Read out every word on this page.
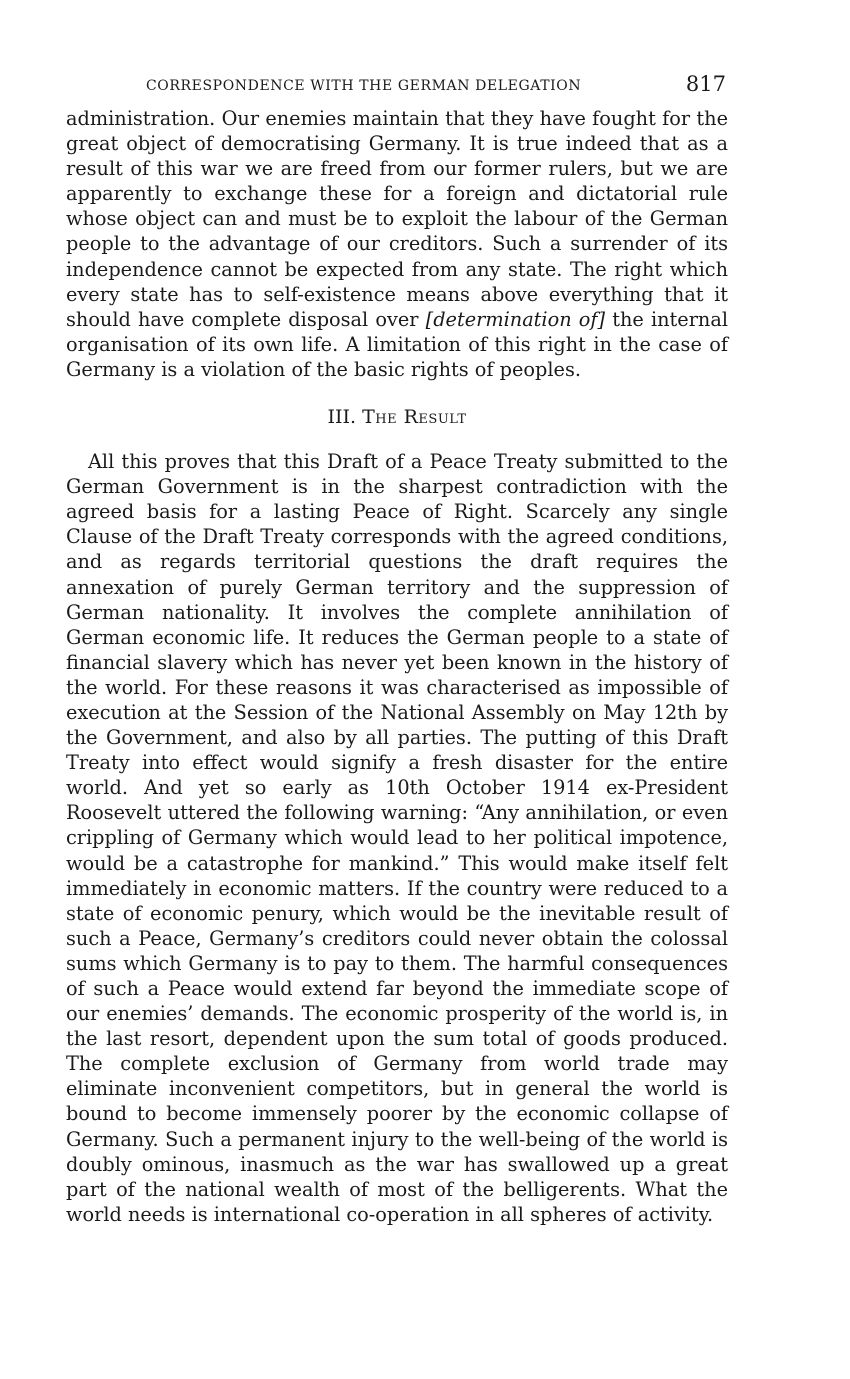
CORRESPONDENCE WITH THE GERMAN DELEGATION	817

administration. Our enemies maintain that they have fought for the great object of democratising Germany. It is true indeed that as a result of this war we are freed from our former rulers, but we are apparently to exchange these for a foreign and dictatorial rule whose object can and must be to exploit the labour of the German people to the advantage of our creditors. Such a surrender of its independence cannot be expected from any state. The right which every state has to self-existence means above everything that it should have complete disposal over [determination of] the internal organisation of its own life. A limitation of this right in the case of Germany is a violation of the basic rights of peoples.

III. The Result

All this proves that this Draft of a Peace Treaty submitted to the German Government is in the sharpest contradiction with the agreed basis for a lasting Peace of Right. Scarcely any single Clause of the Draft Treaty corresponds with the agreed conditions, and as regards territorial questions the draft requires the annexation of purely German territory and the suppression of German nationality. It involves the complete annihilation of German economic life. It reduces the German people to a state of financial slavery which has never yet been known in the history of the world. For these reasons it was characterised as impossible of execution at the Session of the National Assembly on May 12th by the Government, and also by all parties. The putting of this Draft Treaty into effect would signify a fresh disaster for the entire world. And yet so early as 10th October 1914 ex-President Roosevelt uttered the following warning: “Any annihilation, or even crippling of Germany which would lead to her political impotence, would be a catastrophe for mankind.” This would make itself felt immediately in economic matters. If the country were reduced to a state of economic penury, which would be the inevitable result of such a Peace, Germany’s creditors could never obtain the colossal sums which Germany is to pay to them. The harmful consequences of such a Peace would extend far beyond the immediate scope of our enemies’ demands. The economic prosperity of the world is, in the last resort, dependent upon the sum total of goods produced. The complete exclusion of Germany from world trade may eliminate inconvenient competitors, but in general the world is bound to become immensely poorer by the economic collapse of Germany. Such a permanent injury to the well-being of the world is doubly ominous, inasmuch as the war has swallowed up a great part of the national wealth of most of the belligerents. What the world needs is international co-operation in all spheres of activity.
